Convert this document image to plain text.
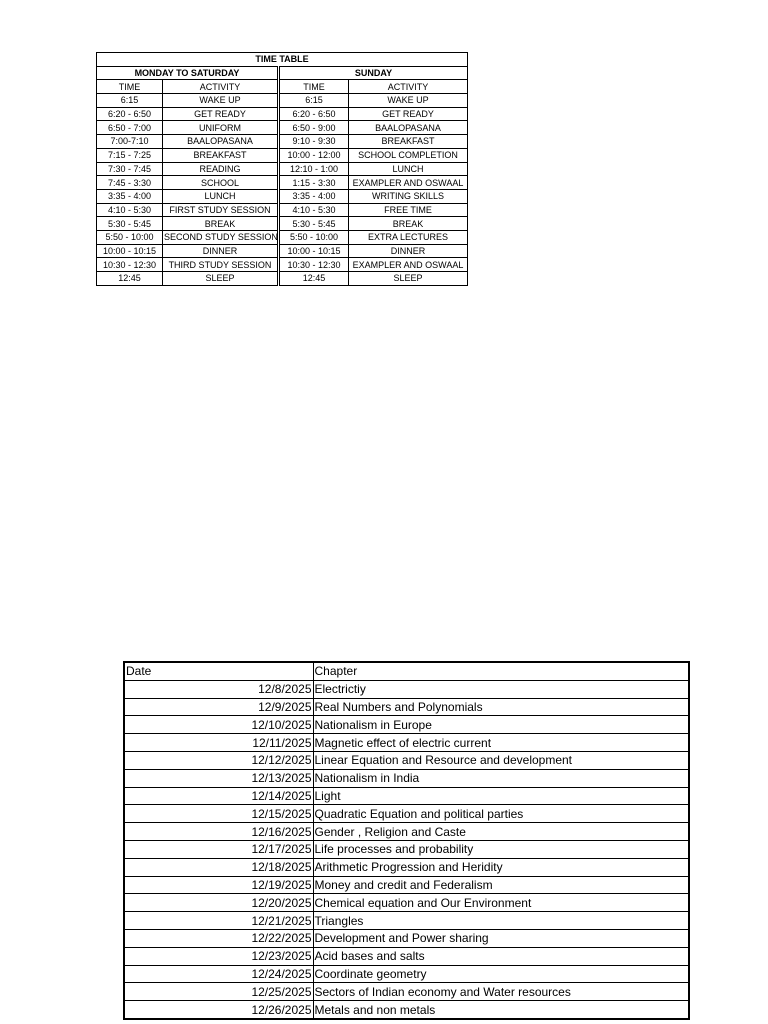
TIME TABLE			
MONDAY TO SATURDAY		SUNDAY	
TIME	ACTIVITY	TIME	ACTIVITY
6:15	WAKE UP	6:15	WAKE UP
6:20 - 6:50	GET READY	6:20 - 6:50	GET READY
6:50 - 7:00	UNIFORM	6:50 - 9:00	BAALOPASANA
7:00-7:10	BAALOPASANA	9:10 - 9:30	BREAKFAST
7:15 - 7:25	BREAKFAST	10:00 - 12:00	SCHOOL COMPLETION
7:30 - 7:45	READING	12:10 - 1:00	LUNCH
7:45 - 3:30	SCHOOL	1:15 - 3:30	EXAMPLER AND OSWAAL
3:35 - 4:00	LUNCH	3:35 - 4:00	WRITING SKILLS
4:10 - 5:30	FIRST STUDY SESSION	4:10 - 5:30	FREE TIME
5:30 - 5:45	BREAK	5:30 - 5:45	BREAK
5:50 - 10:00	SECOND STUDY SESSION	5:50 - 10:00	EXTRA LECTURES
10:00 - 10:15	DINNER	10:00 - 10:15	DINNER
10:30 - 12:30	THIRD STUDY SESSION	10:30 - 12:30	EXAMPLER AND OSWAAL
12:45	SLEEP	12:45	SLEEP
Date	Chapter
12/8/2025	Electrictiy
12/9/2025	Real Numbers and Polynomials
12/10/2025	Nationalism in Europe
12/11/2025	Magnetic effect of electric current
12/12/2025	Linear Equation and Resource and development
12/13/2025	Nationalism in India
12/14/2025	Light
12/15/2025	Quadratic Equation and political parties
12/16/2025	Gender , Religion and Caste
12/17/2025	Life processes and probability
12/18/2025	Arithmetic Progression and Heridity
12/19/2025	Money and credit and Federalism
12/20/2025	Chemical equation and Our Environment
12/21/2025	Triangles
12/22/2025	Development and Power sharing
12/23/2025	Acid bases and salts
12/24/2025	Coordinate geometry
12/25/2025	Sectors of Indian economy and Water resources
12/26/2025	Metals and non metals
